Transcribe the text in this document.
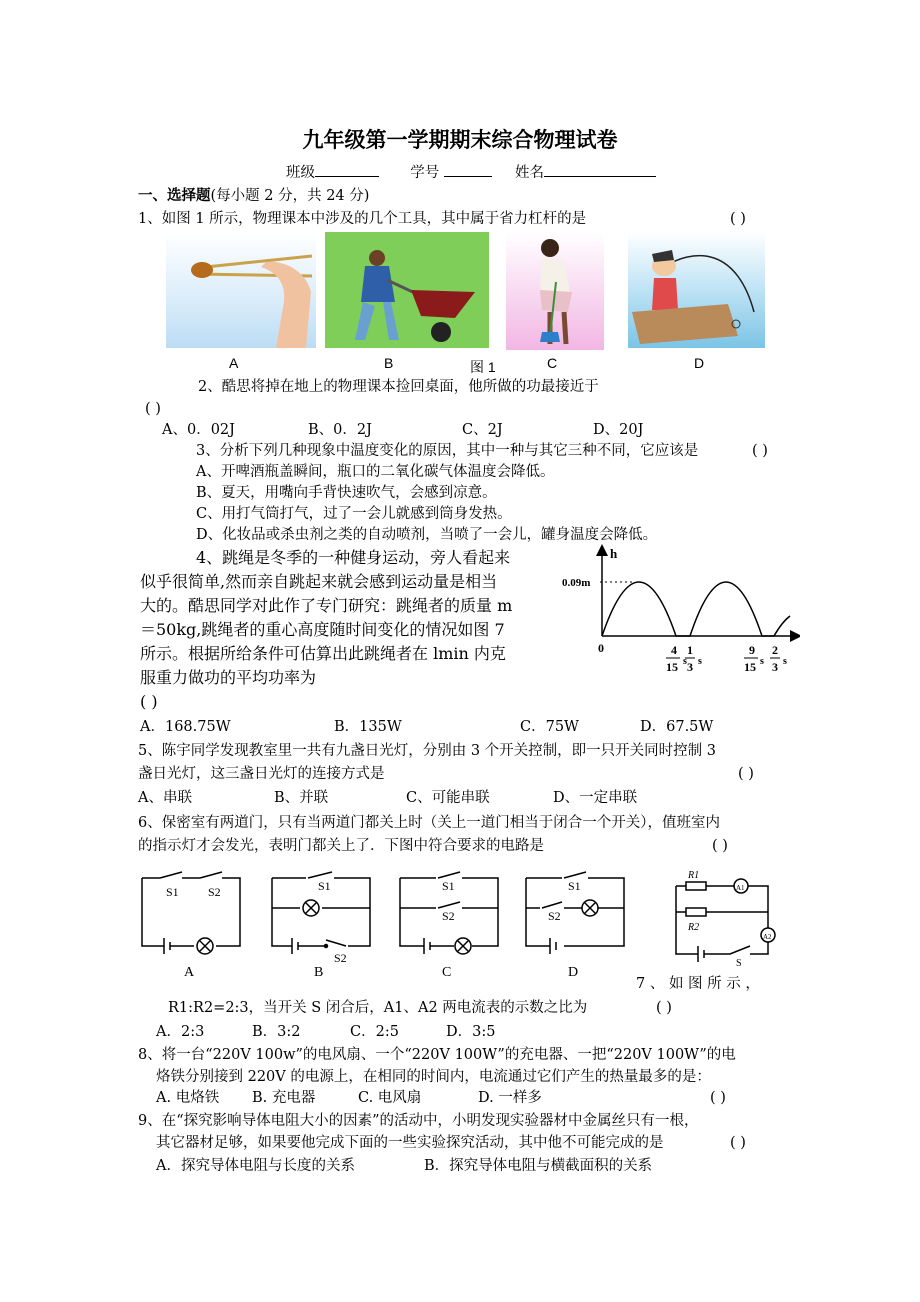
九年级第一学期期末综合物理试卷
班级	学号	姓名
一、选择题(每小题 2 分，共 24 分)
1、如图 1 所示，物理课本中涉及的几个工具，其中属于省力杠杆的是	( )
A	B	图 1	C	D
2、酷思将掉在地上的物理课本捡回桌面，他所做的功最接近于
( )
A、0．02J	B、0．2J	C、2J	D、20J
3、分析下列几种现象中温度变化的原因，其中一种与其它三种不同，它应该是	( )
A、开啤酒瓶盖瞬间，瓶口的二氧化碳气体温度会降低。
B、夏天，用嘴向手背快速吹气，会感到凉意。
C、用打气筒打气，过了一会儿就感到筒身发热。
D、化妆品或杀虫剂之类的自动喷剂，当喷了一会儿，罐身温度会降低。
4、跳绳是冬季的一种健身运动，旁人看起来
似乎很简单,然而亲自跳起来就会感到运动量是相当
大的。酷思同学对此作了专门研究：跳绳者的质量 m
＝50kg,跳绳者的重心高度随时间变化的情况如图 7
所示。根据所给条件可估算出此跳绳者在 lmin 内克
服重力做功的平均功率为
( )
h
t
0
0.09m
4
15 s
1
3 s
9
15 s
2
3 s
A．168.75W	B．135W	C．75W	D．67.5W
5、陈宇同学发现教室里一共有九盏日光灯，分别由 3 个开关控制，即一只开关同时控制 3
盏日光灯，这三盏日光灯的连接方式是	( )
A、串联	B、并联	C、可能串联	D、一定串联
6、保密室有两道门，只有当两道门都关上时（关上一道门相当于闭合一个开关），值班室内
的指示灯才会发光，表明门都关上了．下图中符合要求的电路是	( )
S1 S2	S1
S2
S1
S2
S1
S2
A	B	C	D
R1
R2
A1
A2
S
7 、 如 图 所 示 ，
R1:R2=2:3，当开关 S 闭合后，A1、A2 两电流表的示数之比为	( )
A．2:3	B．3:2	C．2:5	D．3:5
8、将一台“220V 100w”的电风扇、一个“220V 100W”的充电器、一把“220V 100W”的电
烙铁分别接到 220V 的电源上，在相同的时间内，电流通过它们产生的热量最多的是：
A. 电烙铁 B. 充电器	C. 电风扇	D. 一样多	( )
9、在“探究影响导体电阻大小的因素”的活动中，小明发现实验器材中金属丝只有一根，
其它器材足够，如果要他完成下面的一些实验探究活动，其中他不可能完成的是	( )
A．探究导体电阻与长度的关系	B．探究导体电阻与横截面积的关系
